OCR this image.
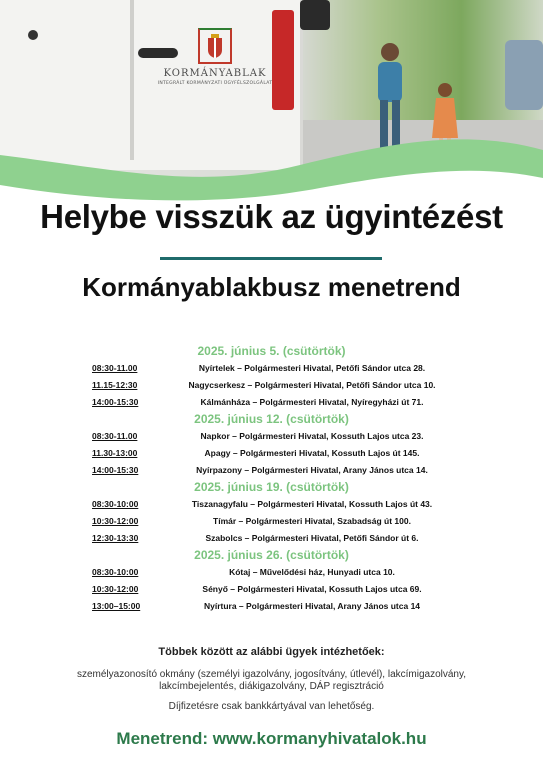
KORMÁNYABLAK
INTEGRÁLT KORMÁNYZATI ÜGYFÉLSZOLGÁLAT
Helybe visszük az ügyintézést
Kormányablakbusz menetrend
2025. június 5. (csütörtök)
08:30-11.00	Nyírtelek – Polgármesteri Hivatal, Petőfi Sándor utca 28.
11.15-12:30	Nagycserkesz – Polgármesteri Hivatal, Petőfi Sándor utca 10.
14:00-15:30	Kálmánháza – Polgármesteri Hivatal, Nyíregyházi út 71.
2025. június 12. (csütörtök)
08:30-11.00	Napkor – Polgármesteri Hivatal, Kossuth Lajos utca 23.
11.30-13:00	Apagy – Polgármesteri Hivatal, Kossuth Lajos út 145.
14:00-15:30	Nyírpazony – Polgármesteri Hivatal, Arany János utca 14.
2025. június 19. (csütörtök)
08:30-10:00	Tiszanagyfalu – Polgármesteri Hivatal, Kossuth Lajos út 43.
10:30-12:00	Tímár – Polgármesteri Hivatal, Szabadság út 100.
12:30-13:30	Szabolcs – Polgármesteri Hivatal, Petőfi Sándor út 6.
2025. június 26. (csütörtök)
08:30-10:00	Kótaj – Művelődési ház, Hunyadi utca 10.
10:30-12:00	Sényő – Polgármesteri Hivatal, Kossuth Lajos utca 69.
13:00–15:00	Nyírtura – Polgármesteri Hivatal, Arany János utca 14
Többek között az alábbi ügyek intézhetőek:
személyazonosító okmány (személyi igazolvány, jogosítvány, útlevél), lakcímigazolvány, lakcímbejelentés, diákigazolvány, DÁP regisztráció
Díjfizetésre csak bankkártyával van lehetőség.
Menetrend: www.kormanyhivatalok.hu
